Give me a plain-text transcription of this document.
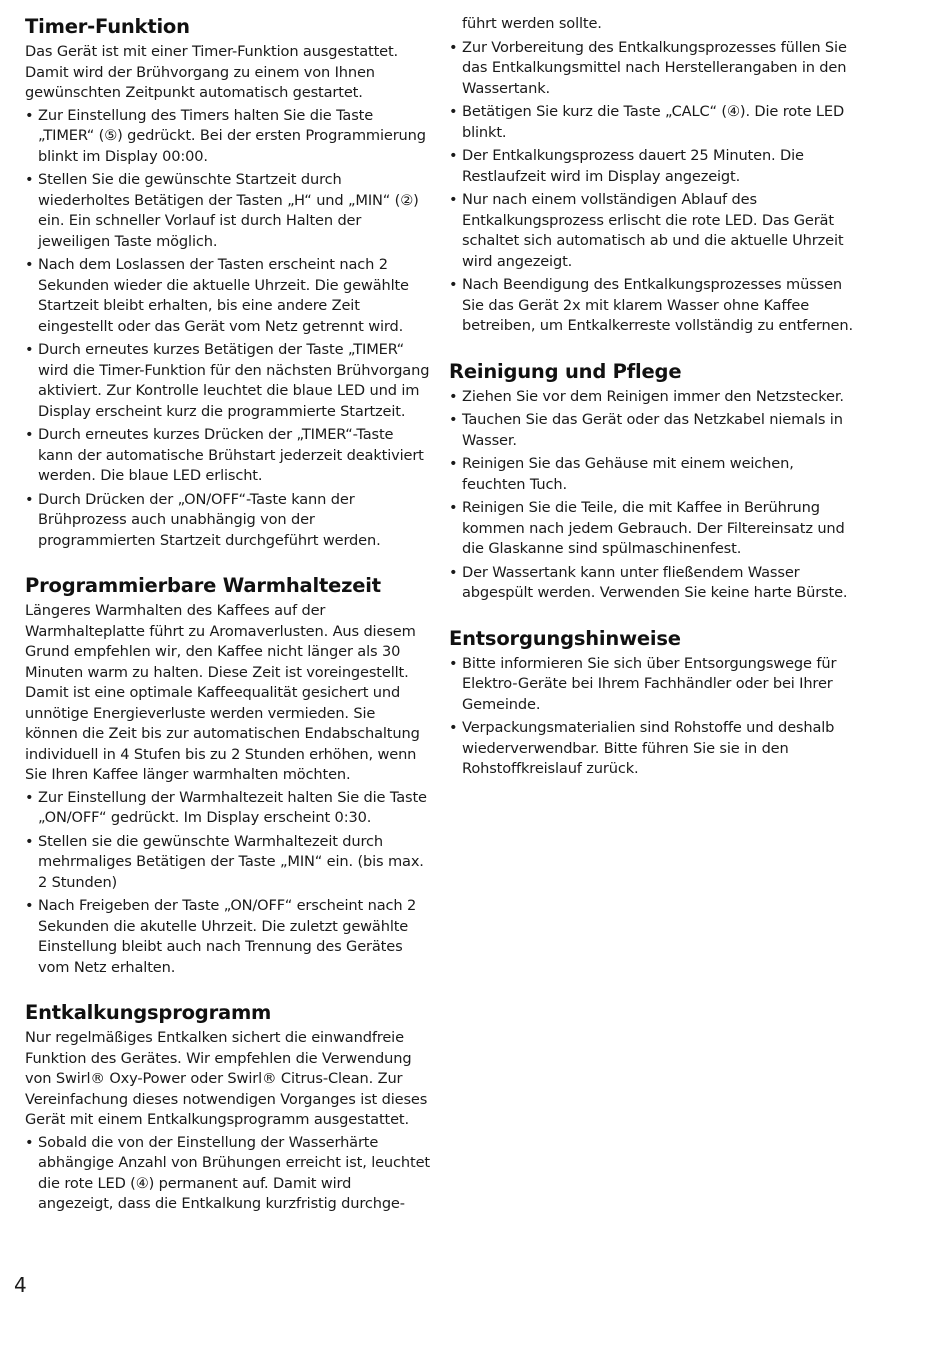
Timer-Funktion

Das Gerät ist mit einer Timer-Funktion ausgestattet. Damit wird der Brühvorgang zu einem von Ihnen gewünschten Zeitpunkt automatisch gestartet.

• Zur Einstellung des Timers halten Sie die Taste „TIMER“ (⑤) gedrückt. Bei der ersten Programmierung blinkt im Display 00:00.
• Stellen Sie die gewünschte Startzeit durch wiederholtes Betätigen der Tasten „H“ und „MIN“ (②) ein. Ein schneller Vorlauf ist durch Halten der jeweiligen Taste möglich.
• Nach dem Loslassen der Tasten erscheint nach 2 Sekunden wieder die aktuelle Uhrzeit. Die gewählte Startzeit bleibt erhalten, bis eine andere Zeit eingestellt oder das Gerät vom Netz getrennt wird.
• Durch erneutes kurzes Betätigen der Taste „TIMER“ wird die Timer-Funktion für den nächsten Brühvorgang aktiviert. Zur Kontrolle leuchtet die blaue LED und im Display erscheint kurz die programmierte Startzeit.
• Durch erneutes kurzes Drücken der „TIMER“-Taste kann der automatische Brühstart jederzeit deaktiviert werden. Die blaue LED erlischt.
• Durch Drücken der „ON/OFF“-Taste kann der Brühprozess auch unabhängig von der programmierten Startzeit durchgeführt werden.
Programmierbare Warmhaltezeit

Längeres Warmhalten des Kaffees auf der Warmhalteplatte führt zu Aromaverlusten. Aus diesem Grund empfehlen wir, den Kaffee nicht länger als 30 Minuten warm zu halten. Diese Zeit ist voreingestellt. Damit ist eine optimale Kaffeequalität gesichert und unnötige Energieverluste werden vermieden. Sie können die Zeit bis zur automatischen Endabschaltung individuell in 4 Stufen bis zu 2 Stunden erhöhen, wenn Sie Ihren Kaffee länger warmhalten möchten.

• Zur Einstellung der Warmhaltezeit halten Sie die Taste „ON/OFF“ gedrückt. Im Display erscheint 0:30.
• Stellen sie die gewünschte Warmhaltezeit durch mehrmaliges Betätigen der Taste „MIN“ ein. (bis max. 2 Stunden)
• Nach Freigeben der Taste „ON/OFF“ erscheint nach 2 Sekunden die akutelle Uhrzeit. Die zuletzt gewählte Einstellung bleibt auch nach Trennung des Gerätes vom Netz erhalten.
Entkalkungsprogramm

Nur regelmäßiges Entkalken sichert die einwandfreie Funktion des Gerätes. Wir empfehlen die Verwendung von Swirl® Oxy-Power oder Swirl® Citrus-Clean. Zur Vereinfachung dieses notwendigen Vorganges ist dieses Gerät mit einem Entkalkungsprogramm ausgestattet.

• Sobald die von der Einstellung der Wasserhärte abhängige Anzahl von Brühungen erreicht ist, leuchtet die rote LED (④) permanent auf. Damit wird angezeigt, dass die Entkalkung kurzfristig durchge-
führt werden sollte.
• Zur Vorbereitung des Entkalkungsprozesses füllen Sie das Entkalkungsmittel nach Herstellerangaben in den Wassertank.
• Betätigen Sie kurz die Taste „CALC“ (④). Die rote LED blinkt.
• Der Entkalkungsprozess dauert 25 Minuten. Die Restlaufzeit wird im Display angezeigt.
• Nur nach einem vollständigen Ablauf des Entkalkungsprozess erlischt die rote LED. Das Gerät schaltet sich automatisch ab und die aktuelle Uhrzeit wird angezeigt.
• Nach Beendigung des Entkalkungsprozesses müssen Sie das Gerät 2x mit klarem Wasser ohne Kaffee betreiben, um Entkalkerreste vollständig zu entfernen.
Reinigung und Pflege
• Ziehen Sie vor dem Reinigen immer den Netzstecker.
• Tauchen Sie das Gerät oder das Netzkabel niemals in Wasser.
• Reinigen Sie das Gehäuse mit einem weichen, feuchten Tuch.
• Reinigen Sie die Teile, die mit Kaffee in Berührung kommen nach jedem Gebrauch. Der Filtereinsatz und die Glaskanne sind spülmaschinenfest.
• Der Wassertank kann unter fließendem Wasser abgespült werden. Verwenden Sie keine harte Bürste.
Entsorgungshinweise
• Bitte informieren Sie sich über Entsorgungswege für Elektro-Geräte bei Ihrem Fachhändler oder bei Ihrer Gemeinde.
• Verpackungsmaterialien sind Rohstoffe und deshalb wiederverwendbar. Bitte führen Sie sie in den Rohstoffkreislauf zurück.
4
